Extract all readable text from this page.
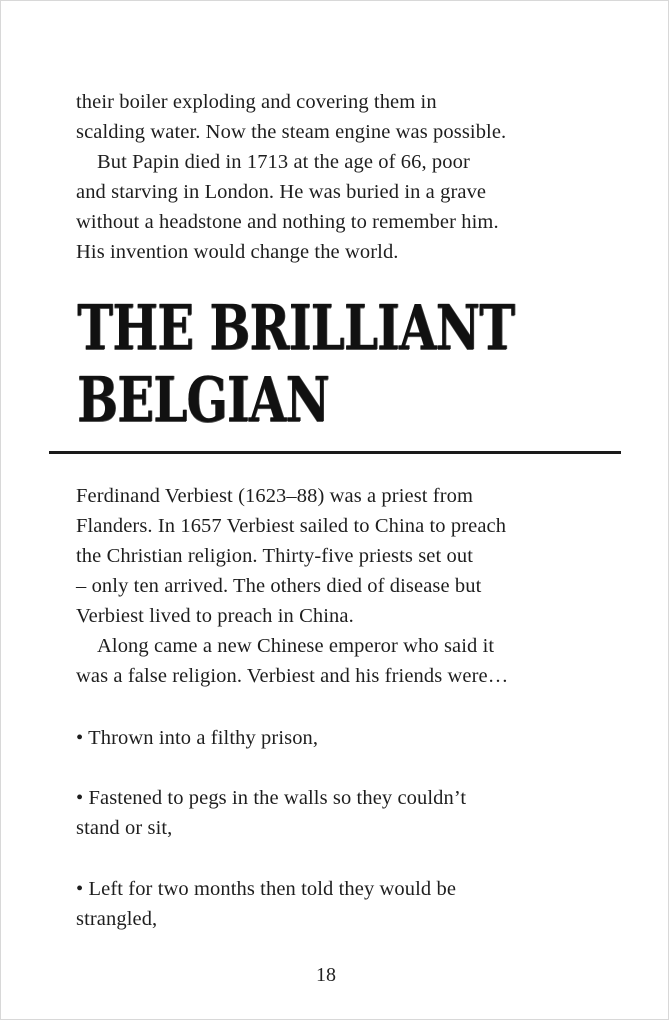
their boiler exploding and covering them in
scalding water. Now the steam engine was possible.
But Papin died in 1713 at the age of 66, poor
and starving in London. He was buried in a grave
without a headstone and nothing to remember him.
His invention would change the world.
THE BRILLIANT
BELGIAN
Ferdinand Verbiest (1623–88) was a priest from
Flanders. In 1657 Verbiest sailed to China to preach
the Christian religion. Thirty-five priests set out
– only ten arrived. The others died of disease but
Verbiest lived to preach in China.
Along came a new Chinese emperor who said it
was a false religion. Verbiest and his friends were…
• Thrown into a filthy prison,
• Fastened to pegs in the walls so they couldn’t
stand or sit,
• Left for two months then told they would be
strangled,
18
